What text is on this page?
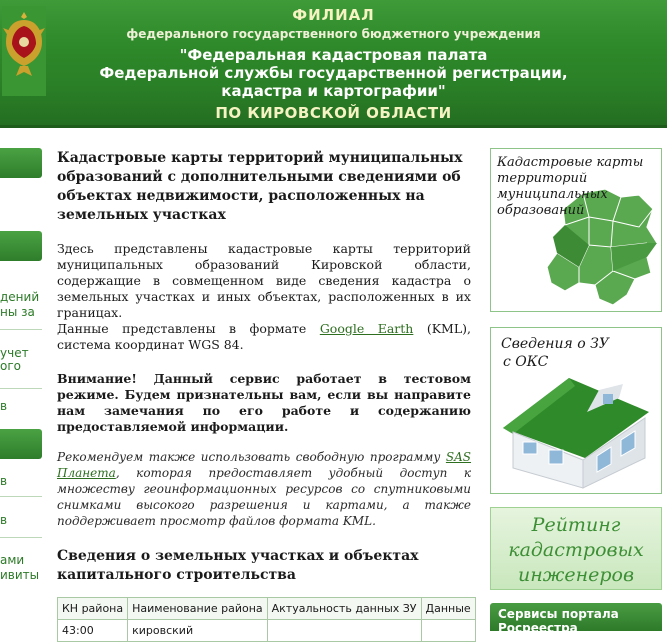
ФИЛИАЛ
федерального государственного бюджетного учреждения
"Федеральная кадастровая палата
Федеральной службы государственной регистрации,
кадастра и картографии"
ПО КИРОВСКОЙ ОБЛАСТИ
дений
ны за
учет
ого
в
в
в
ами
ивиты
Кадастровые карты территорий муниципальных образований с дополнительными сведениями об объектах недвижимости, расположенных на земельных участках

Здесь представлены кадастровые карты территорий муниципальных образований Кировской области, содержащие в совмещенном виде сведения кадастра о земельных участках и иных объектах, расположенных в их границах.

Данные представлены в формате Google Earth (KML), система координат WGS 84.

Внимание! Данный сервис работает в тестовом режиме. Будем признательны вам, если вы направите нам замечания по его работе и содержанию предоставляемой информации.

Рекомендуем также использовать свободную программу SAS Планета, которая предоставляет удобный доступ к множеству геоинформационных ресурсов со спутниковыми снимками высокого разрешения и картами, а также поддерживает просмотр файлов формата KML.

Сведения о земельных участках и объектах капитального строительства
КН района	Наименование района	Актуальность данных ЗУ	Данные
43:00	кировский		
Кадастровые карты территорий муниципальных образований
Сведения о ЗУ
с ОКС
Рейтинг
кадастровых
инженеров
Сервисы портала Росреестра
